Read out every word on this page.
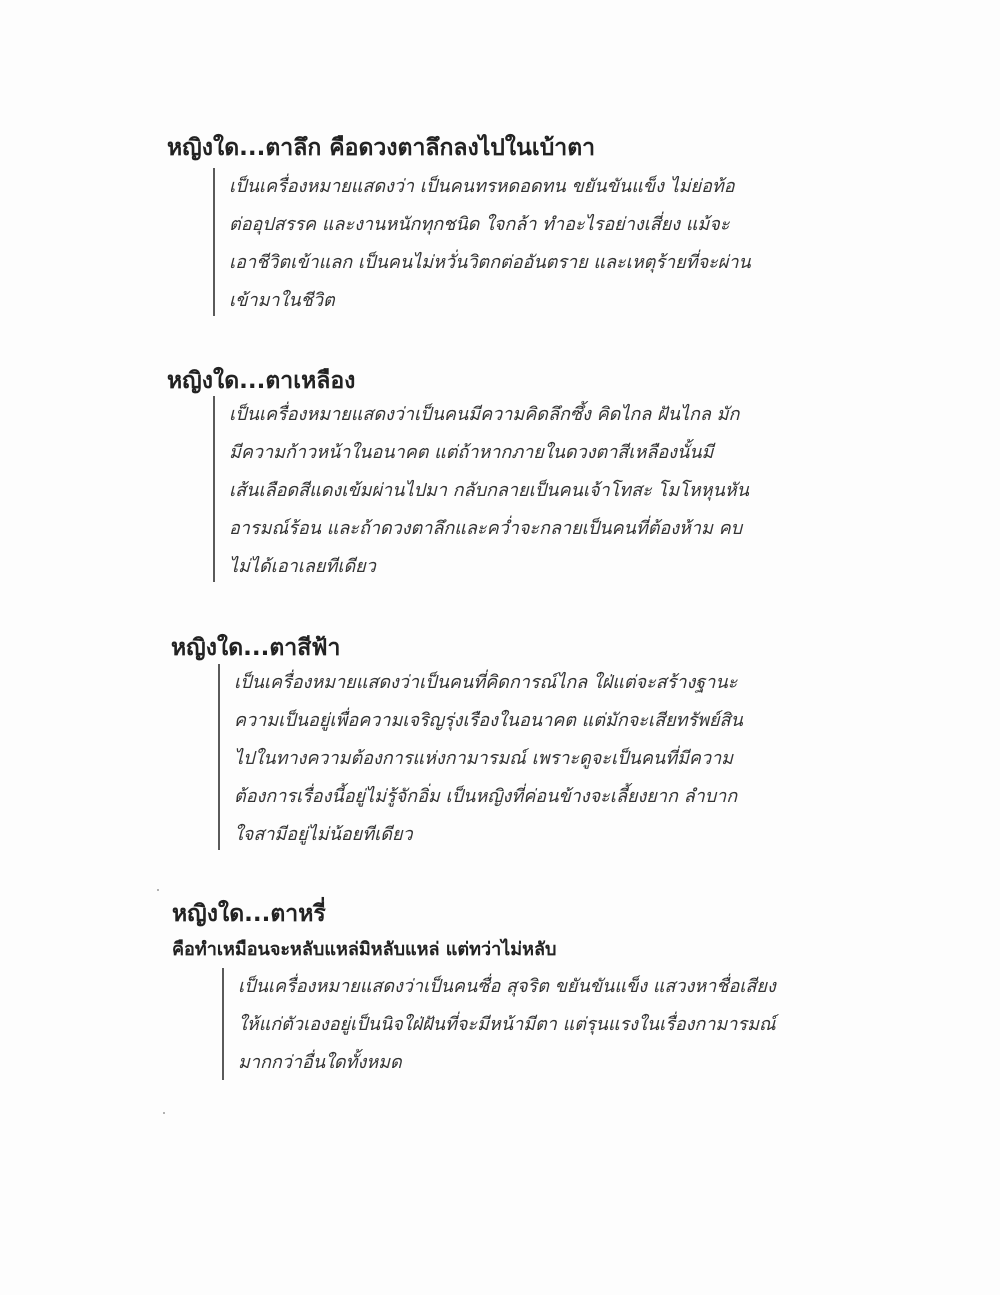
หญิงใด...ตาลึก คือดวงตาลึกลงไปในเบ้าตา
เป็นเครื่องหมายแสดงว่า เป็นคนทรหดอดทน ขยันขันแข็ง ไม่ย่อท้อ
ต่ออุปสรรค และงานหนักทุกชนิด ใจกล้า ทำอะไรอย่างเสี่ยง แม้จะ
เอาชีวิตเข้าแลก เป็นคนไม่หวั่นวิตกต่ออันตราย และเหตุร้ายที่จะผ่าน
เข้ามาในชีวิต
หญิงใด...ตาเหลือง
เป็นเครื่องหมายแสดงว่าเป็นคนมีความคิดลึกซึ้ง คิดไกล ฝันไกล มัก
มีความก้าวหน้าในอนาคต แต่ถ้าหากภายในดวงตาสีเหลืองนั้นมี
เส้นเลือดสีแดงเข้มผ่านไปมา กลับกลายเป็นคนเจ้าโทสะ โมโหหุนหัน
อารมณ์ร้อน และถ้าดวงตาลึกและคว่ำจะกลายเป็นคนที่ต้องห้าม คบ
ไม่ได้เอาเลยทีเดียว
หญิงใด...ตาสีฟ้า
เป็นเครื่องหมายแสดงว่าเป็นคนที่คิดการณ์ไกล ใฝ่แต่จะสร้างฐานะ
ความเป็นอยู่เพื่อความเจริญรุ่งเรืองในอนาคต แต่มักจะเสียทรัพย์สิน
ไปในทางความต้องการแห่งกามารมณ์ เพราะดูจะเป็นคนที่มีความ
ต้องการเรื่องนี้อยู่ไม่รู้จักอิ่ม เป็นหญิงที่ค่อนข้างจะเลี้ยงยาก ลำบาก
ใจสามีอยู่ไม่น้อยทีเดียว
หญิงใด...ตาหรี่
คือทำเหมือนจะหลับแหล่มิหลับแหล่ แต่ทว่าไม่หลับ
เป็นเครื่องหมายแสดงว่าเป็นคนซื่อ สุจริต ขยันขันแข็ง แสวงหาชื่อเสียง
ให้แก่ตัวเองอยู่เป็นนิจใฝ่ฝันที่จะมีหน้ามีตา แต่รุนแรงในเรื่องกามารมณ์
มากกว่าอื่นใดทั้งหมด
